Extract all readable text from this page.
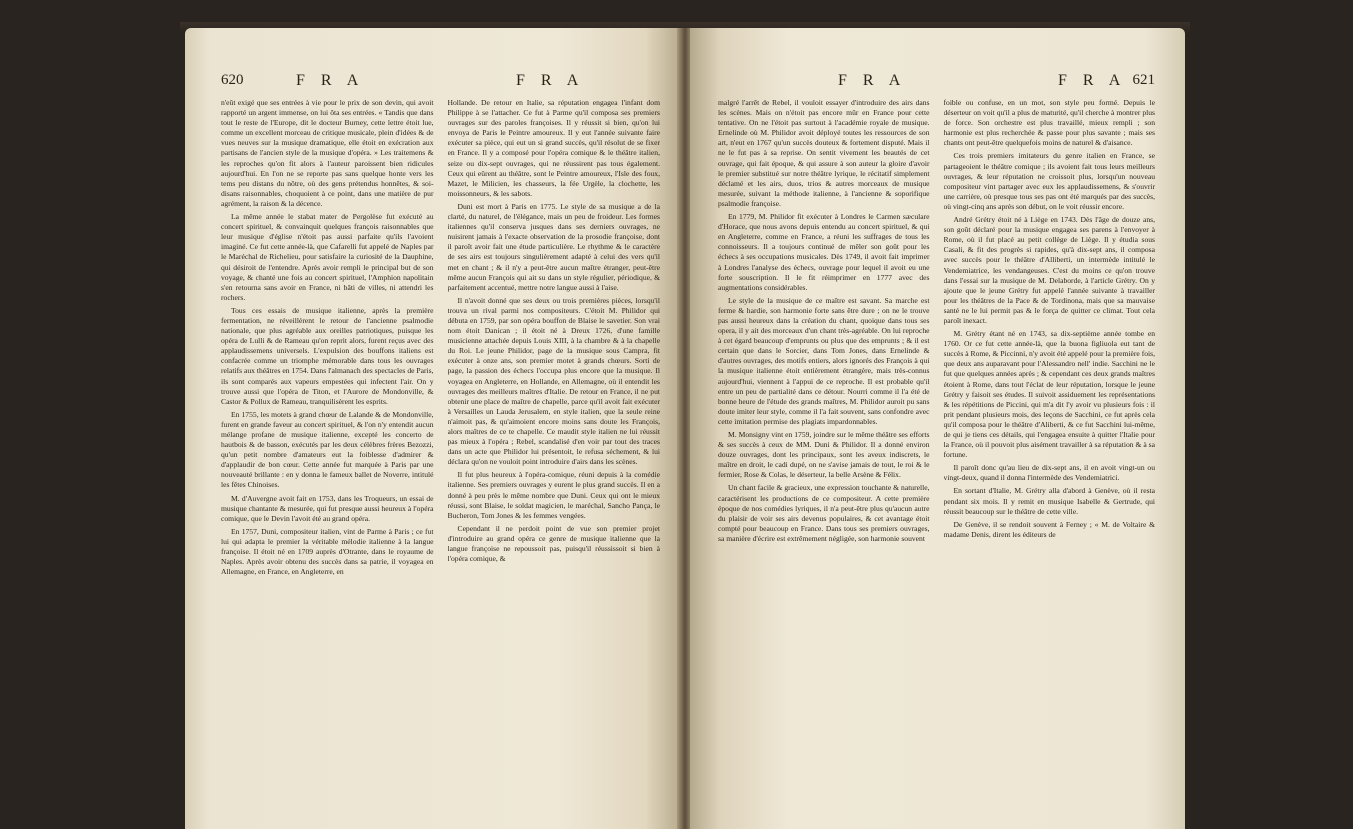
620	F R A	F R A

n'eût exigé que ses entrées à vie pour le prix de son devin, qui avoit rapporté un argent immense, on lui ôta ses entrées. « Tandis que dans tout le reste de l'Europe, dit le docteur Burney, cette lettre étoit lue, comme un excellent morceau de critique musicale, plein d'idées & de vues neuves sur la musique dramatique, elle étoit en exécration aux partisans de l'ancien style de la musique d'opéra. » Les traitemens & les reproches qu'on fit alors à l'auteur paroissent bien ridicules aujourd'hui. En l'on ne se reporte pas sans quelque honte vers les tems peu distans du nôtre, où des gens prétendus honnêtes, & soi-disans raisonnables, choquoient à ce point, dans une matière de pur agrément, la raison & la décence.

La même année le stabat mater de Pergolèse fut exécuté au concert spirituel, & convainquit quelques françois raisonnables que leur musique d'église n'étoit pas aussi parfaite qu'ils l'avoient imaginé. Ce fut cette année-là, que Cafarelli fut appelé de Naples par le Maréchal de Richelieu, pour satisfaire la curiosité de la Dauphine, qui désiroit de l'entendre. Après avoir rempli le principal but de son voyage, & chanté une fois au concert spirituel, l'Amphion napolitain s'en retourna sans avoir en France, ni bâti de villes, ni attendri les rochers.

Tous ces essais de musique italienne, après la première fermentation, ne réveillèrent le retour de l'ancienne psalmodie nationale, que plus agréable aux oreilles patriotiques, puisque les opéra de Lulli & de Rameau qu'on reprit alors, furent reçus avec des applaudissemens universels. L'expulsion des bouffons italiens est confacrée comme un triomphe mémorable dans tous les ouvrages relatifs aux théâtres en 1754. Dans l'almanach des spectacles de Paris, ils sont comparés aux vapeurs empestées qui infectent l'air. On y trouve aussi que l'opéra de Titon, et l'Aurore de Mondonville, & Castor & Pollux de Rameau, tranquilisèrent les esprits.

En 1755, les motets à grand chœur de Lalande & de Mondonville, furent en grande faveur au concert spirituel, & l'on n'y entendit aucun mélange profane de musique italienne, excepté les concerto de hautbois & de basson, exécutés par les deux célèbres frères Bezozzi, qu'un petit nombre d'amateurs eut la foiblesse d'admirer & d'applaudir de bon cœur. Cette année fut marquée à Paris par une nouveauté brillante : en y donna le fameux ballet de Noverre, intitulé les fêtes Chinoises.

M. d'Auvergne avoit fait en 1753, dans les Troqueurs, un essai de musique chantante & mesurée, qui fut presque aussi heureux à l'opéra comique, que le Devin l'avoit été au grand opéra.

En 1757, Duni, compositeur italien, vint de Parme à Paris ; ce fut lui qui adapta le premier la véritable mélodie italienne à la langue françoise. Il étoit né en 1709 auprès d'Otrante, dans le royaume de Naples. Après avoir obtenu des succès dans sa patrie, il voyagea en Allemagne, en France, en Angleterre, en

Hollande. De retour en Italie, sa réputation engagea l'infant dom Philippe à se l'attacher. Ce fut à Parme qu'il composa ses premiers ouvrages sur des paroles françoises. Il y réussit si bien, qu'on lui envoya de Paris le Peintre amoureux. Il y eut l'année suivante faire exécuter sa pièce, qui eut un si grand succès, qu'il résolut de se fixer en France. Il y a composé pour l'opéra comique & le théâtre italien, seize ou dix-sept ouvrages, qui ne réussirent pas tous également. Ceux qui eûrent au théâtre, sont le Peintre amoureux, l'Isle des foux, Mazet, le Milicien, les chasseurs, la fée Urgèle, la clochette, les moissonneurs, & les sabots.

Duni est mort à Paris en 1775. Le style de sa musique a de la clarté, du naturel, de l'élégance, mais un peu de froideur. Les formes italiennes qu'il conserva jusques dans ses derniers ouvrages, ne nuisirent jamais à l'exacte observation de la prosodie françoise, dont il paroît avoir fait une étude particulière. Le rhythme & le caractère de ses airs est toujours singulièrement adapté à celui des vers qu'il met en chant ; & il n'y a peut-être aucun maître étranger, peut-être même aucun François qui ait su dans un style régulier, périodique, & parfaitement accentué, mettre notre langue aussi à l'aise.

Il n'avoit donné que ses deux ou trois premières pièces, lorsqu'il trouva un rival parmi nos compositeurs. C'étoit M. Philidor qui débuta en 1759, par son opéra bouffon de Blaise le savetier. Son vrai nom étoit Danican ; il étoit né à Dreux 1726, d'une famille musicienne attachée depuis Louis XIII, à la chambre & à la chapelle du Roi. Le jeune Philidor, page de la musique sous Campra, fit exécuter à onze ans, son premier motet à grands chœurs. Sorti de page, la passion des échecs l'occupa plus encore que la musique. Il voyagea en Angleterre, en Hollande, en Allemagne, où il entendit les ouvrages des meilleurs maîtres d'Italie. De retour en France, il ne put obtenir une place de maître de chapelle, parce qu'il avoit fait exécuter à Versailles un Lauda Jerusalem, en style italien, que la seule reine n'aimoit pas, & qu'aimoient encore moins sans doute les François, alors maîtres de ce te chapelle. Ce maudit style italien ne lui réussit pas mieux à l'opéra ; Rebel, scandalisé d'en voir par tout des traces dans un acte que Philidor lui présentoit, le refusa séchement, & lui déclara qu'on ne vouloit point introduire d'airs dans les scènes.

Il fut plus heureux à l'opéra-comique, réuni depuis à la comédie italienne. Ses premiers ouvrages y eurent le plus grand succès. Il en a donné à peu près le même nombre que Duni. Ceux qui ont le mieux réussi, sont Blaise, le soldat magicien, le maréchal, Sancho Pança, le Bucheron, Tom Jones & les femmes vengées.

Cependant il ne perdoit point de vue son premier projet d'introduire au grand opéra ce genre de musique italienne que la langue françoise ne repoussoit pas, puisqu'il réussissoit si bien à l'opéra comique, &

F R A	F R A 621

malgré l'arrêt de Rebel, il vouloit essayer d'introduire des airs dans les scènes. Mais on n'étoit pas encore mûr en France pour cette tentative. On ne l'étoit pas surtout à l'académie royale de musique. Ernelinde où M. Philidor avoit déployé toutes les ressources de son art, n'eut en 1767 qu'un succès douteux & fortement disputé. Mais il ne le fut pas à sa reprise. On sentit vivement les beautés de cet ouvrage, qui fait époque, & qui assure à son auteur la gloire d'avoir le premier substitué sur notre théâtre lyrique, le récitatif simplement déclamé et les airs, duos, trios & autres morceaux de musique mesurée, suivant la méthode italienne, à l'ancienne & soporifique psalmodie françoise.

En 1779, M. Philidor fit exécuter à Londres le Carmen sæculare d'Horace, que nous avons depuis entendu au concert spirituel, & qui en Angleterre, comme en France, a réuni les suffrages de tous les connoisseurs. Il a toujours continué de mêler son goût pour les échecs à ses occupations musicales. Dès 1749, il avoit fait imprimer à Londres l'analyse des échecs, ouvrage pour lequel il avoit eu une forte souscription. Il le fit réimprimer en 1777 avec des augmentations considérables.

Le style de la musique de ce maître est savant. Sa marche est ferme & hardie, son harmonie forte sans être dure ; on ne le trouve pas aussi heureux dans la création du chant, quoique dans tous ses opera, il y ait des morceaux d'un chant très-agréable. On lui reproche à cet égard beaucoup d'emprunts ou plus que des emprunts ; & il est certain que dans le Sorcier, dans Tom Jones, dans Ernelinde & d'autres ouvrages, des motifs entiers, alors ignorés des François à qui la musique italienne étoit entièrement étrangère, mais très-connus aujourd'hui, viennent à l'appui de ce reproche. Il est probable qu'il entre un peu de partialité dans ce détour. Nourri comme il l'a été de bonne heure de l'étude des grands maîtres, M. Philidor auroit pu sans doute imiter leur style, comme il l'a fait souvent, sans confondre avec cette imitation permise des plagiats impardonnables.

M. Monsigny vint en 1759, joindre sur le même théâtre ses efforts & ses succès à ceux de MM. Duni & Philidor. Il a donné environ douze ouvrages, dont les principaux, sont les aveux indiscrets, le maître en droit, le cadi dupé, on ne s'avise jamais de tout, le roi & le fermier, Rose & Colas, le déserteur, la belle Arsène & Félix.

Un chant facile & gracieux, une expression touchante & naturelle, caractérisent les productions de ce compositeur. A cette première époque de nos comédies lyriques, il n'a peut-être plus qu'aucun autre du plaisir de voir ses airs devenus populaires, & cet avantage étoit compté pour beaucoup en France. Dans tous ses premiers ouvrages, sa manière d'écrire est extrêmement négligée, son harmonie souvent

foible ou confuse, en un mot, son style peu formé. Depuis le déserteur on voit qu'il a plus de maturité, qu'il cherche à montrer plus de force. Son orchestre est plus travaillé, mieux rempli ; son harmonie est plus recherchée & passe pour plus savante ; mais ses chants ont peut-être quelquefois moins de naturel & d'aisance.

Ces trois premiers imitateurs du genre italien en France, se partageoient le théâtre comique ; ils avoient fait tous leurs meilleurs ouvrages, & leur réputation ne croissoit plus, lorsqu'un nouveau compositeur vint partager avec eux les applaudissemens, & s'ouvrir une carrière, où presque tous ses pas ont été marqués par des succès, où vingt-cinq ans après son début, on le voit réussir encore.

André Grétry étoit né à Liège en 1743. Dès l'âge de douze ans, son goût déclaré pour la musique engagea ses parens à l'envoyer à Rome, où il fut placé au petit collège de Liège. Il y étudia sous Casali, & fit des progrès si rapides, qu'à dix-sept ans, il composa avec succès pour le théâtre d'Alliberti, un intermède intitulé le Vendemiatrice, les vendangeuses. C'est du moins ce qu'on trouve dans l'essai sur la musique de M. Delaborde, à l'article Grétry. On y ajoute que le jeune Grétry fut appelé l'année suivante à travailler pour les théâtres de la Pace & de Tordinona, mais que sa mauvaise santé ne le lui permit pas & le força de quitter ce climat. Tout cela paroît inexact.

M. Grétry étant né en 1743, sa dix-septième année tombe en 1760. Or ce fut cette année-là, que la buona figliuola eut tant de succès à Rome, & Piccinni, n'y avoit été appelé pour la première fois, que deux ans auparavant pour l'Alessandro nell' indie. Sacchini ne le fut que quelques années après ; & cependant ces deux grands maîtres étoient à Rome, dans tout l'éclat de leur réputation, lorsque le jeune Grétry y faisoit ses études. Il suivoit assiduement les représentations & les répétitions de Piccini, qui m'a dit l'y avoir vu plusieurs fois : il prit pendant plusieurs mois, des leçons de Sacchini, ce fut après cela qu'il composa pour le théâtre d'Aliberti, & ce fut Sacchini lui-même, de qui je tiens ces détails, qui l'engagea ensuite à quitter l'Italie pour la France, où il pouvoit plus aisément travailler à sa réputation & à sa fortune.

Il paroît donc qu'au lieu de dix-sept ans, il en avoit vingt-un ou vingt-deux, quand il donna l'intermède des Vendemiatrici.

En sortant d'Italie, M. Grétry alla d'abord à Genève, où il resta pendant six mois. Il y remit en musique Isabelle & Gertrude, qui réussit beaucoup sur le théâtre de cette ville.

De Genève, il se rendoit souvent à Ferney ; « M. de Voltaire & madame Denis, dirent les éditeurs de
